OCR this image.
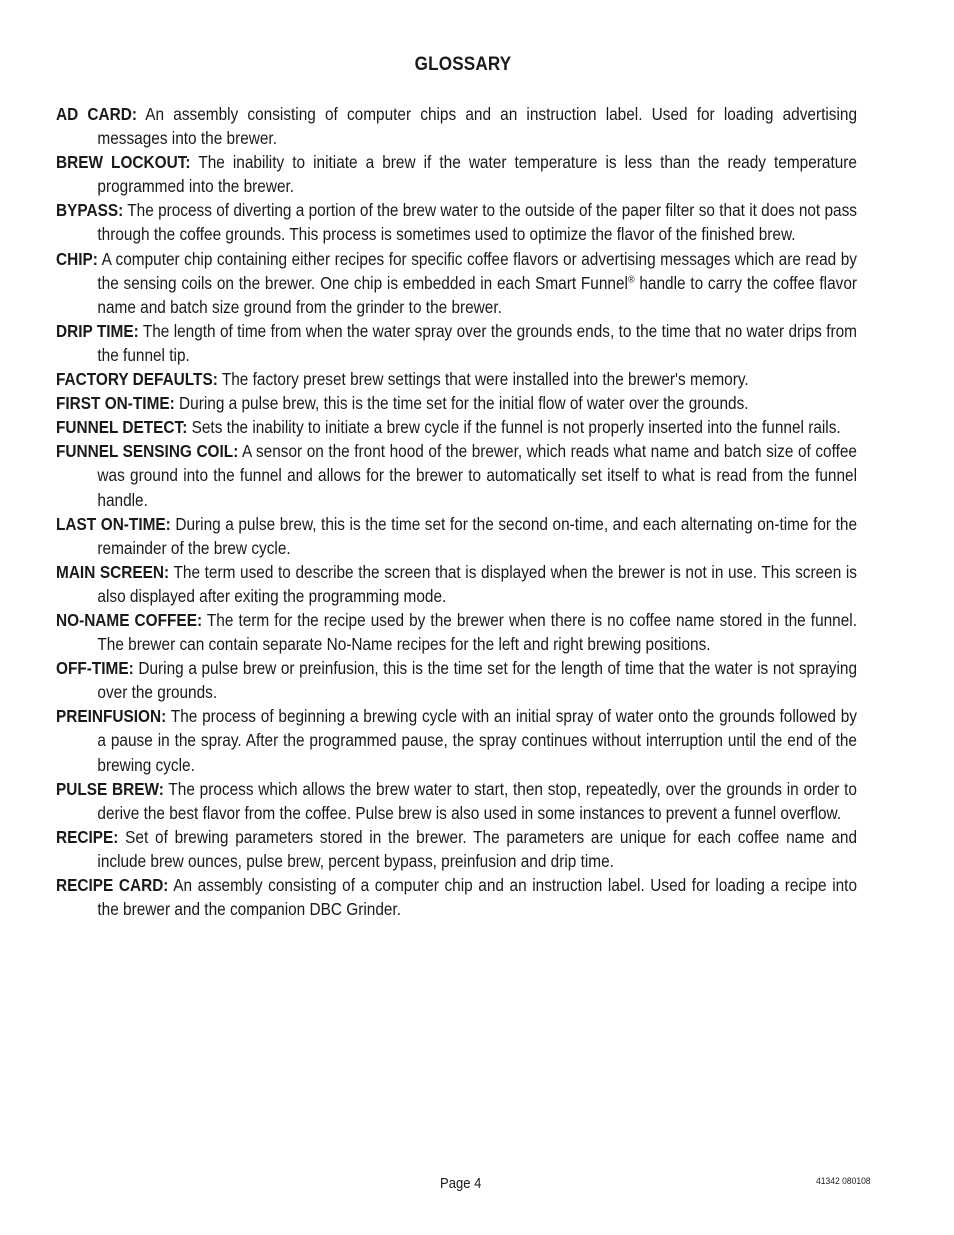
GLOSSARY

AD CARD: An assembly consisting of computer chips and an instruction label. Used for loading advertising messages into the brewer.

BREW LOCKOUT: The inability to initiate a brew if the water temperature is less than the ready temperature programmed into the brewer.

BYPASS: The process of diverting a portion of the brew water to the outside of the paper filter so that it does not pass through the coffee grounds. This process is sometimes used to optimize the flavor of the finished brew.

CHIP: A computer chip containing either recipes for specific coffee flavors or advertising messages which are read by the sensing coils on the brewer. One chip is embedded in each Smart Funnel® handle to carry the coffee flavor name and batch size ground from the grinder to the brewer.

DRIP TIME: The length of time from when the water spray over the grounds ends, to the time that no water drips from the funnel tip.

FACTORY DEFAULTS: The factory preset brew settings that were installed into the brewer's memory.

FIRST ON-TIME: During a pulse brew, this is the time set for the initial flow of water over the grounds.

FUNNEL DETECT: Sets the inability to initiate a brew cycle if the funnel is not properly inserted into the funnel rails.

FUNNEL SENSING COIL: A sensor on the front hood of the brewer, which reads what name and batch size of coffee was ground into the funnel and allows for the brewer to automatically set itself to what is read from the funnel handle.

LAST ON-TIME: During a pulse brew, this is the time set for the second on-time, and each alternating on-time for the remainder of the brew cycle.

MAIN SCREEN: The term used to describe the screen that is displayed when the brewer is not in use. This screen is also displayed after exiting the programming mode.

NO-NAME COFFEE: The term for the recipe used by the brewer when there is no coffee name stored in the funnel. The brewer can contain separate No-Name recipes for the left and right brewing positions.

OFF-TIME: During a pulse brew or preinfusion, this is the time set for the length of time that the water is not spraying over the grounds.

PREINFUSION: The process of beginning a brewing cycle with an initial spray of water onto the grounds followed by a pause in the spray. After the programmed pause, the spray continues without interruption until the end of the brewing cycle.

PULSE BREW: The process which allows the brew water to start, then stop, repeatedly, over the grounds in order to derive the best flavor from the coffee. Pulse brew is also used in some instances to prevent a funnel overflow.

RECIPE: Set of brewing parameters stored in the brewer. The parameters are unique for each coffee name and include brew ounces, pulse brew, percent bypass, preinfusion and drip time.

RECIPE CARD: An assembly consisting of a computer chip and an instruction label. Used for loading a recipe into the brewer and the companion DBC Grinder.

Page 4	41342 080108
